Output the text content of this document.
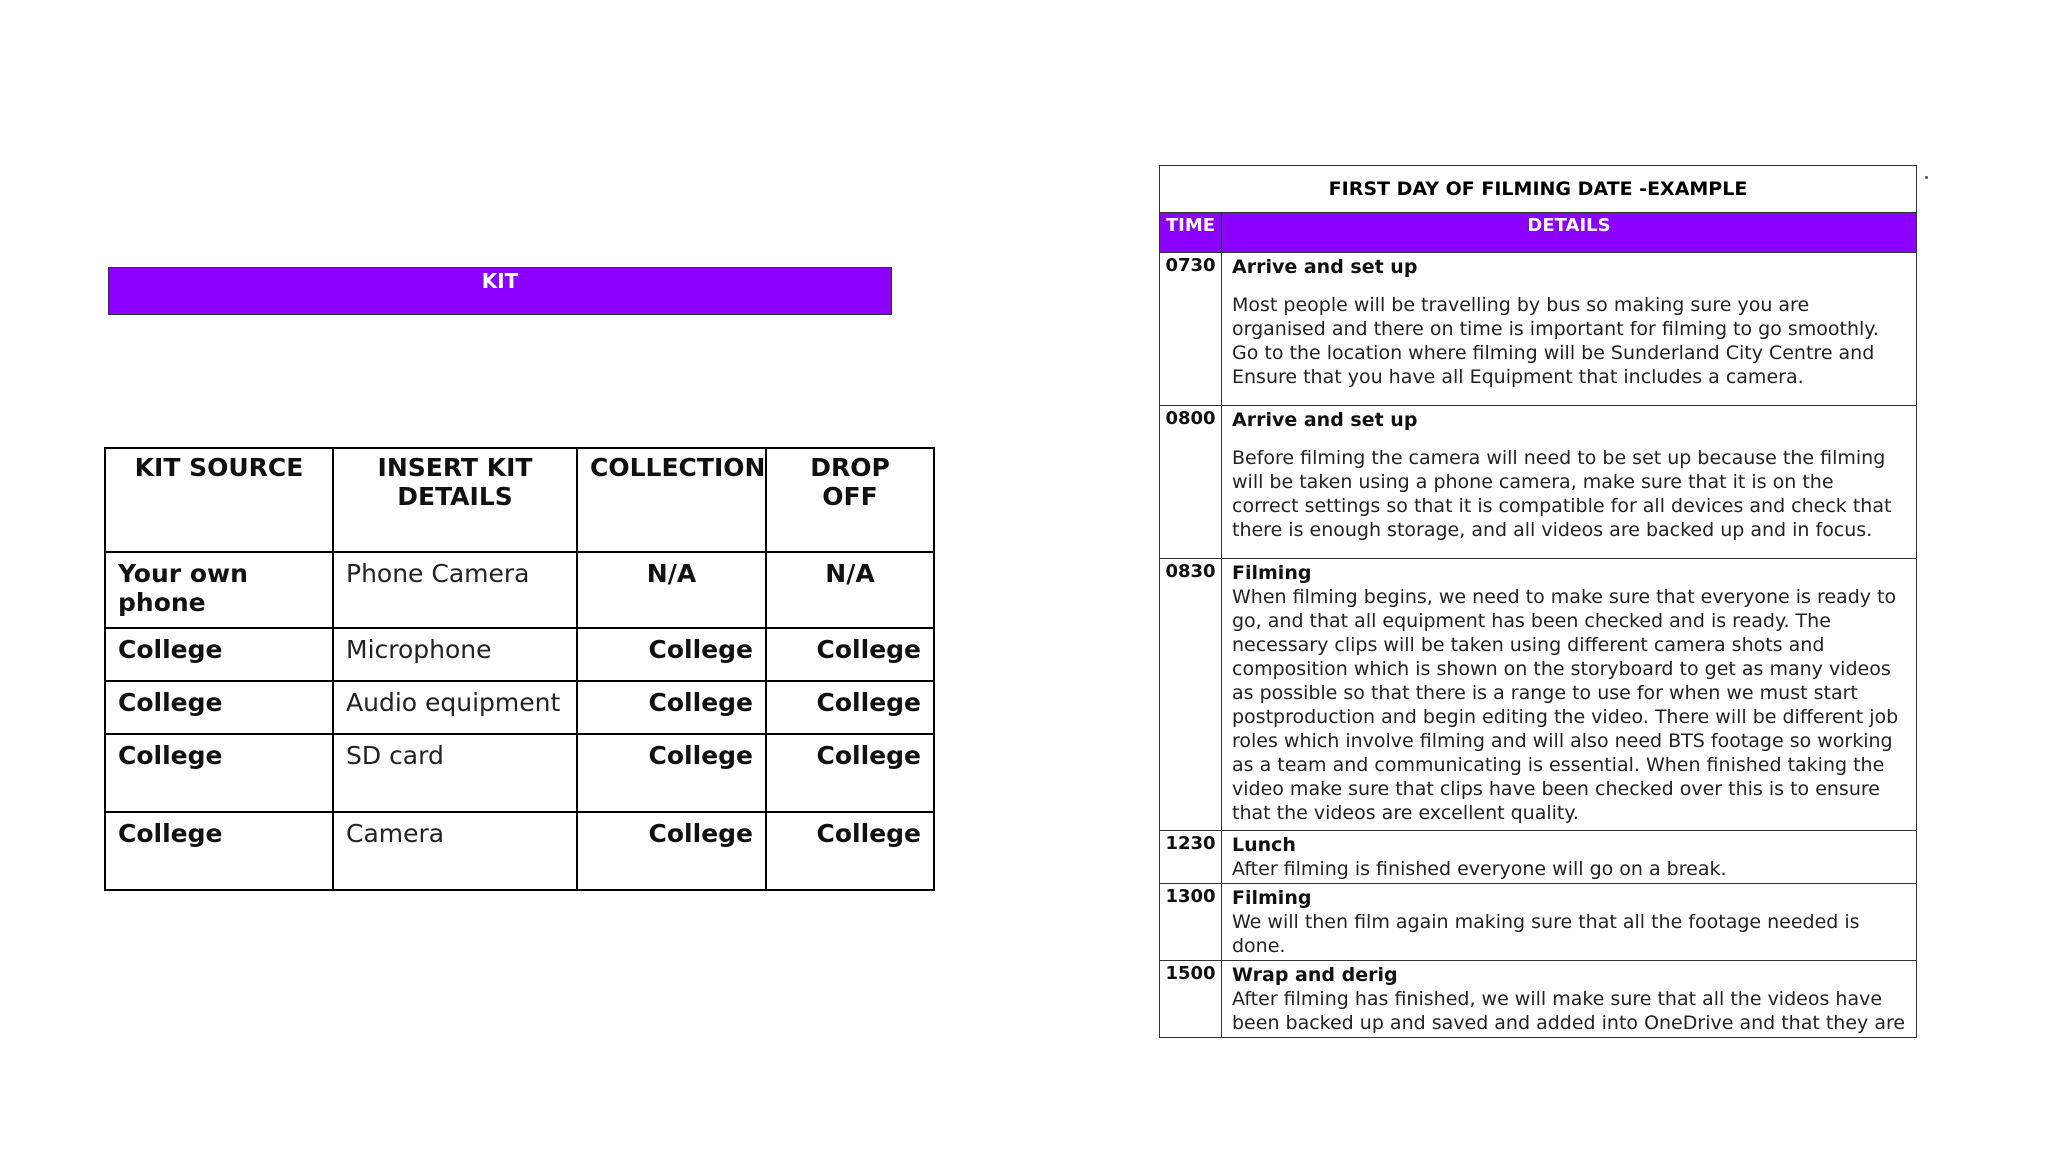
KIT
KIT SOURCE	INSERT KIT DETAILS	COLLECTION	DROP OFF
Your own phone	Phone Camera	N/A	N/A
College	Microphone	College	College
College	Audio equipment	College	College
College	SD card	College	College
College	Camera	College	College
FIRST DAY OF FILMING DATE -EXAMPLE	
TIME	DETAILS
0730	Arrive and set up
Most people will be travelling by bus so making sure you are organised and there on time is important for filming to go smoothly. Go to the location where filming will be Sunderland City Centre and Ensure that you have all Equipment that includes a camera.

0800	Arrive and set up
Before filming the camera will need to be set up because the filming will be taken using a phone camera, make sure that it is on the correct settings so that it is compatible for all devices and check that there is enough storage, and all videos are backed up and in focus.

0830	Filming
When filming begins, we need to make sure that everyone is ready to go, and that all equipment has been checked and is ready. The necessary clips will be taken using different camera shots and composition which is shown on the storyboard to get as many videos as possible so that there is a range to use for when we must start postproduction and begin editing the video. There will be different job roles which involve filming and will also need BTS footage so working as a team and communicating is essential. When finished taking the video make sure that clips have been checked over this is to ensure that the videos are excellent quality.

1230	Lunch
After filming is finished everyone will go on a break.

1300	Filming
We will then film again making sure that all the footage needed is done.

1500	Wrap and derig
After filming has finished, we will make sure that all the videos have been backed up and saved and added into OneDrive and that they are
